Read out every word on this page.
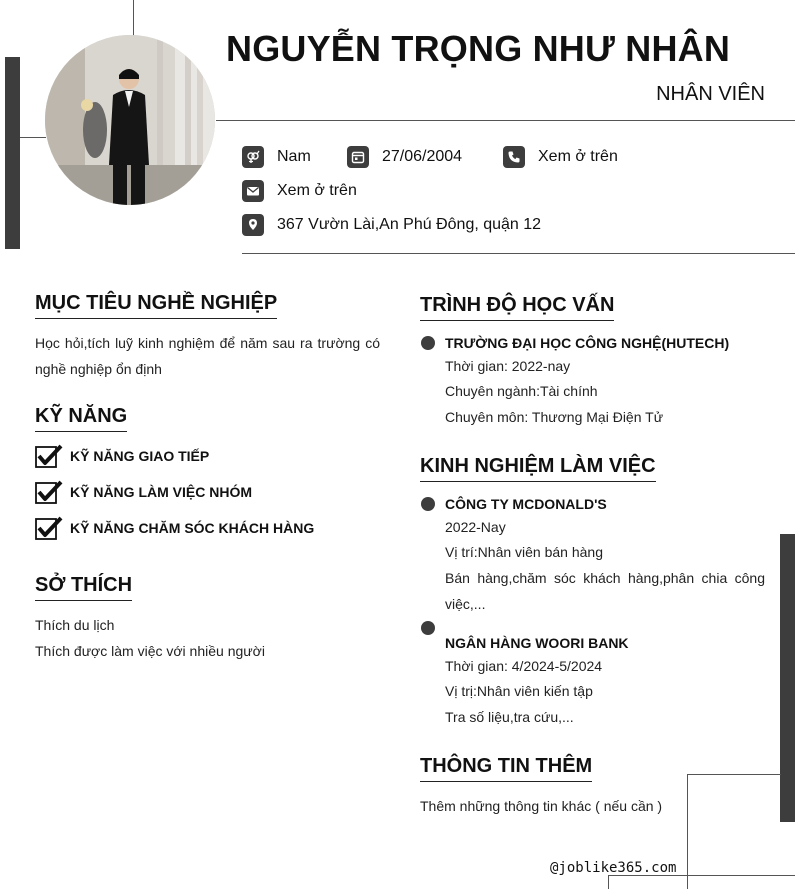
NGUYỄN TRỌNG NHƯ NHÂN
NHÂN VIÊN
Nam	27/06/2004	Xem ở trên
Xem ở trên
367 Vườn Lài,An Phú Đông, quận 12
MỤC TIÊU NGHỀ NGHIỆP
Học hỏi,tích luỹ kinh nghiệm để năm sau ra trường có nghề nghiệp ổn định
KỸ NĂNG
KỸ NĂNG GIAO TIẾP
KỸ NĂNG LÀM VIỆC NHÓM
KỸ NĂNG CHĂM SÓC KHÁCH HÀNG
SỞ THÍCH
Thích du lịch
Thích được làm việc với nhiều người
TRÌNH ĐỘ HỌC VẤN
TRƯỜNG ĐẠI HỌC CÔNG NGHỆ(HUTECH)
Thời gian: 2022-nay
Chuyên ngành:Tài chính
Chuyên môn: Thương Mại Điện Tử
KINH NGHIỆM LÀM VIỆC
CÔNG TY MCDONALD'S
2022-Nay
Vị trí:Nhân viên bán hàng
Bán hàng,chăm sóc khách hàng,phân chia công việc,...
NGÂN HÀNG WOORI BANK
Thời gian: 4/2024-5/2024
Vị trị:Nhân viên kiến tập
Tra số liệu,tra cứu,...
THÔNG TIN THÊM
Thêm những thông tin khác ( nếu cần )
@joblike365.com
